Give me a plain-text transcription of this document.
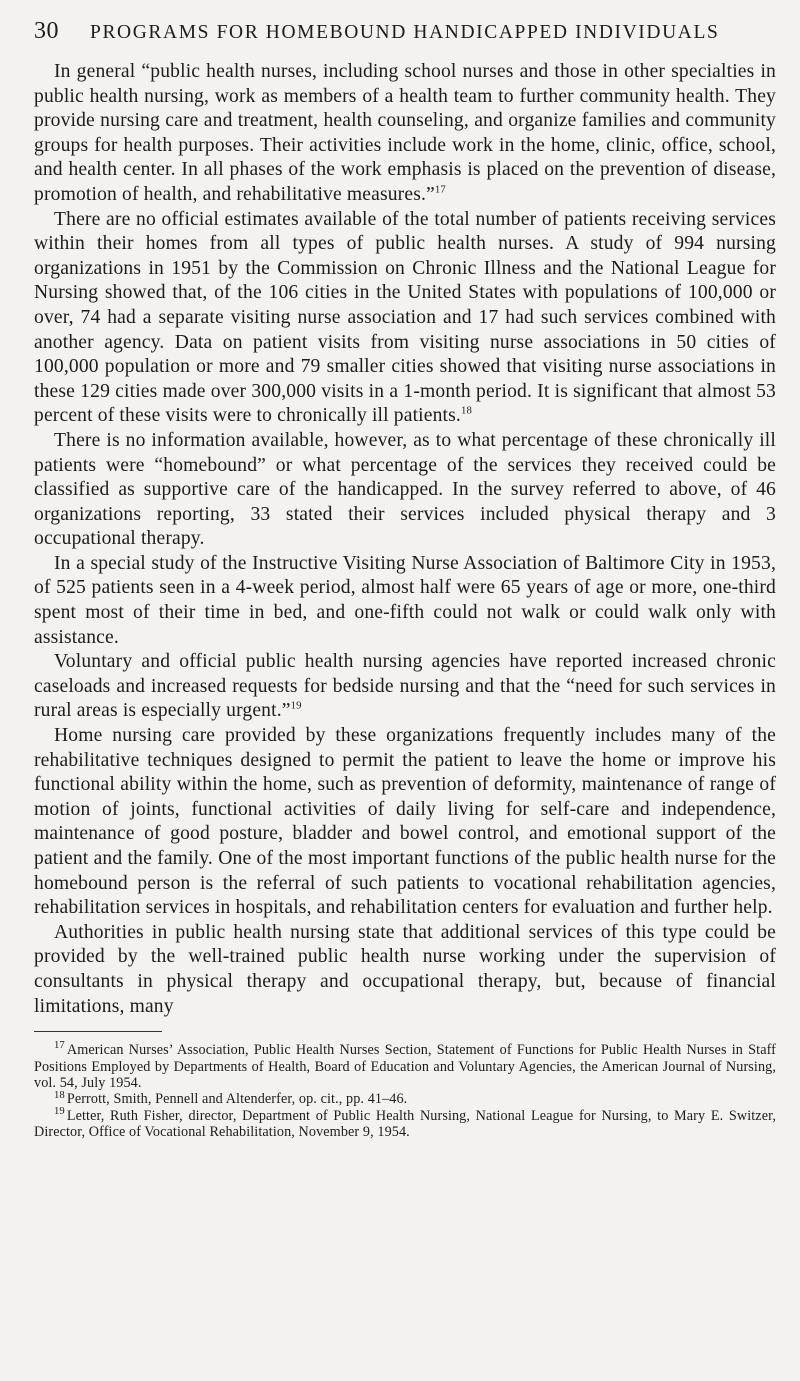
30	PROGRAMS FOR HOMEBOUND HANDICAPPED INDIVIDUALS

In general “public health nurses, including school nurses and those in other specialties in public health nursing, work as members of a health team to further community health. They provide nursing care and treatment, health counseling, and organize families and community groups for health purposes. Their activities include work in the home, clinic, office, school, and health center. In all phases of the work emphasis is placed on the prevention of disease, promotion of health, and rehabilitative measures.”$^{17}$

There are no official estimates available of the total number of patients receiving services within their homes from all types of public health nurses. A study of 994 nursing organizations in 1951 by the Commission on Chronic Illness and the National League for Nursing showed that, of the 106 cities in the United States with populations of 100,000 or over, 74 had a separate visiting nurse association and 17 had such services combined with another agency. Data on patient visits from visiting nurse associations in 50 cities of 100,000 population or more and 79 smaller cities showed that visiting nurse associations in these 129 cities made over 300,000 visits in a 1-month period. It is significant that almost 53 percent of these visits were to chronically ill patients.$^{18}$

There is no information available, however, as to what percentage of these chronically ill patients were “homebound” or what percentage of the services they received could be classified as supportive care of the handicapped. In the survey referred to above, of 46 organizations reporting, 33 stated their services included physical therapy and 3 occupational therapy.

In a special study of the Instructive Visiting Nurse Association of Baltimore City in 1953, of 525 patients seen in a 4-week period, almost half were 65 years of age or more, one-third spent most of their time in bed, and one-fifth could not walk or could walk only with assistance.

Voluntary and official public health nursing agencies have reported increased chronic caseloads and increased requests for bedside nursing and that the “need for such services in rural areas is especially urgent.”$^{19}$

Home nursing care provided by these organizations frequently includes many of the rehabilitative techniques designed to permit the patient to leave the home or improve his functional ability within the home, such as prevention of deformity, maintenance of range of motion of joints, functional activities of daily living for self-care and independence, maintenance of good posture, bladder and bowel control, and emotional support of the patient and the family. One of the most important functions of the public health nurse for the homebound person is the referral of such patients to vocational rehabilitation agencies, rehabilitation services in hospitals, and rehabilitation centers for evaluation and further help.

Authorities in public health nursing state that additional services of this type could be provided by the well-trained public health nurse working under the supervision of consultants in physical therapy and occupational therapy, but, because of financial limitations, many

$^{17}$ American Nurses’ Association, Public Health Nurses Section, Statement of Functions for Public Health Nurses in Staff Positions Employed by Departments of Health, Board of Education and Voluntary Agencies, the American Journal of Nursing, vol. 54, July 1954.

$^{18}$ Perrott, Smith, Pennell and Altenderfer, op. cit., pp. 41–46.

$^{19}$ Letter, Ruth Fisher, director, Department of Public Health Nursing, National League for Nursing, to Mary E. Switzer, Director, Office of Vocational Rehabilitation, November 9, 1954.
